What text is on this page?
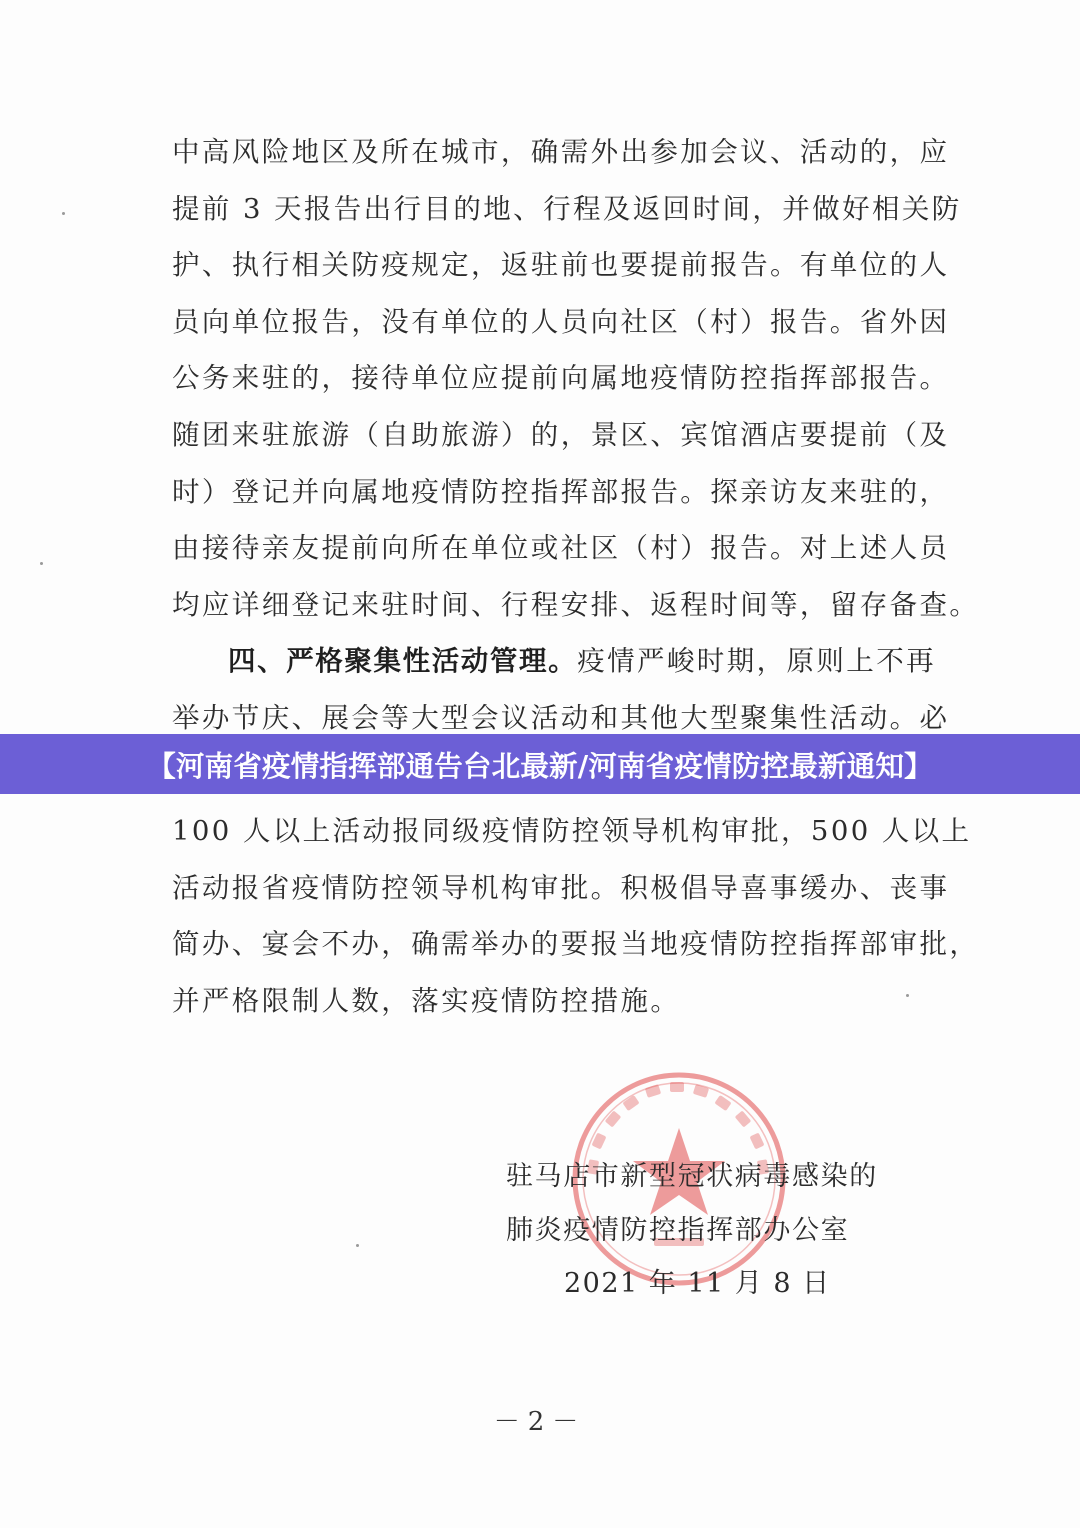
中高风险地区及所在城市，确需外出参加会议、活动的，应
提前 3 天报告出行目的地、行程及返回时间，并做好相关防
护、执行相关防疫规定，返驻前也要提前报告。有单位的人
员向单位报告，没有单位的人员向社区（村）报告。省外因
公务来驻的，接待单位应提前向属地疫情防控指挥部报告。
随团来驻旅游（自助旅游）的，景区、宾馆酒店要提前（及
时）登记并向属地疫情防控指挥部报告。探亲访友来驻的，
由接待亲友提前向所在单位或社区（村）报告。对上述人员
均应详细登记来驻时间、行程安排、返程时间等，留存备查。
四、严格聚集性活动管理。疫情严峻时期，原则上不再
举办节庆、展会等大型会议活动和其他大型聚集性活动。必
100 人以上活动报同级疫情防控领导机构审批，500 人以上
活动报省疫情防控领导机构审批。积极倡导喜事缓办、丧事
简办、宴会不办，确需举办的要报当地疫情防控指挥部审批，
并严格限制人数，落实疫情防控措施。
驻马店市新型冠状病毒感染的
肺炎疫情防控指挥部办公室
2021 年 11 月 8 日
－2－
【河南省疫情指挥部通告台北最新/河南省疫情防控最新通知】
